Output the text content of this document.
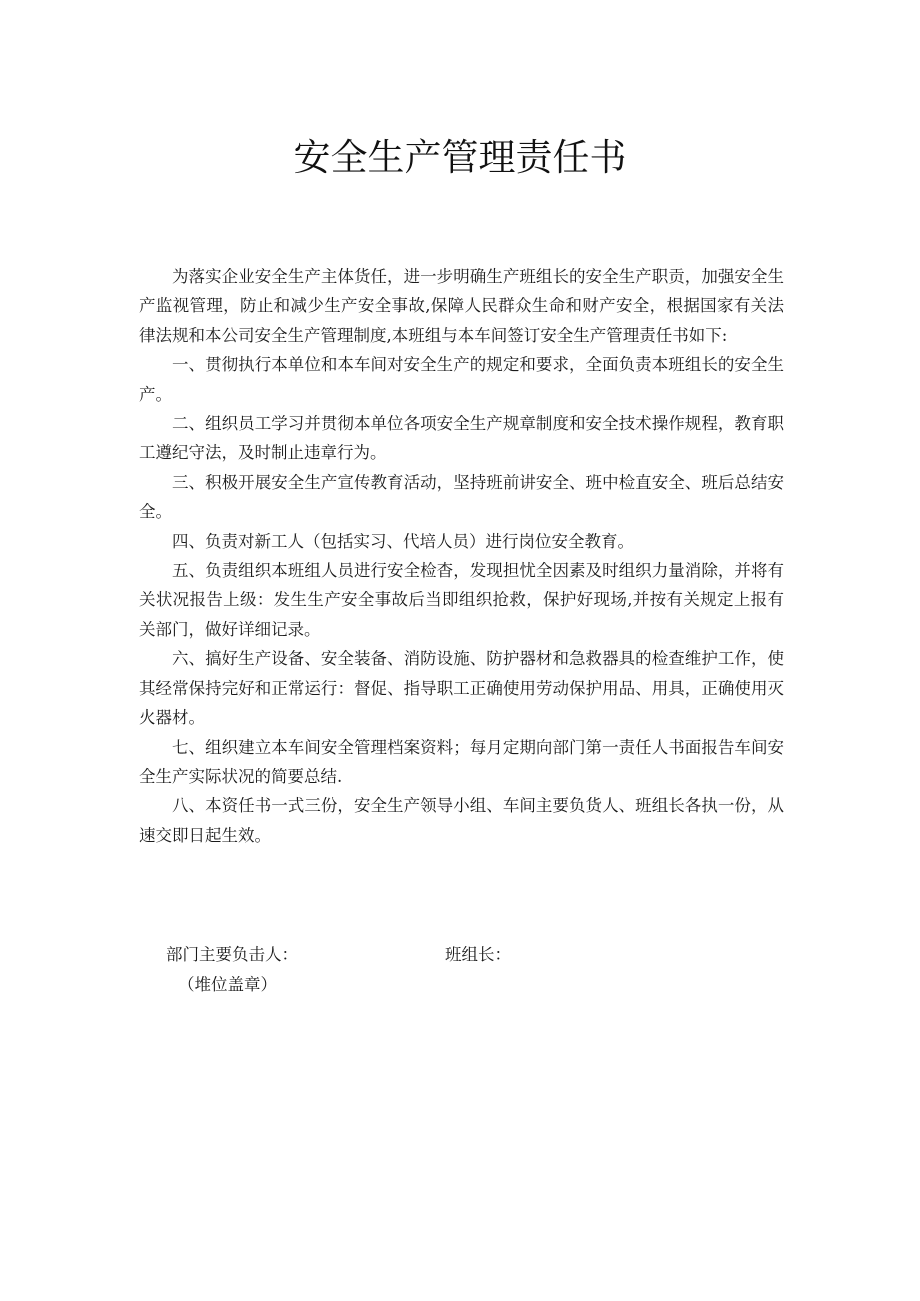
安全生产管理责任书

为落实企业安全生产主体货任，进一步明确生产班组长的安全生产职贡，加强安全生产监视管理，防止和减少生产安全事故,保障人民群众生命和财产安全，根据国家有关法律法规和本公司安全生产管理制度,本班组与本车间签订安全生产管理责任书如下:

一、贯彻执行本单位和本车间对安全生产的规定和要求，全面负责本班组长的安全生产。

二、组织员工学习并贯彻本单位各项安全生产规章制度和安全技术操作规程，教育职工遵纪守法，及时制止违章行为。

三、积极开展安全生产宣传教育活动，坚持班前讲安全、班中检直安全、班后总结安全。

四、负责对新工人（包括实习、代培人员）进行岗位安全教育。

五、负责组织本班组人员进行安全检杳，发现担忧全因素及时组织力量消除，并将有关状况报告上级：发生生产安全事故后当即组织抢救，保护好现场,并按有关规定上报有关部门，做好详细记录。

六、搞好生产设备、安全装备、消防设施、防护器材和急救器具的检查维护工作，使其经常保持完好和正常运行：督促、指导职工正确使用劳动保护用品、用具，正确使用灭火器材。

七、组织建立本车间安全管理档案资料；每月定期向部门第一责任人书面报告车间安全生产实际状况的简要总结.

八、本资任书一式三份，安全生产领导小组、车间主要负货人、班组长各执一份，从速交即日起生效。

部门主要负击人：	班组长：
（堆位盖章）
